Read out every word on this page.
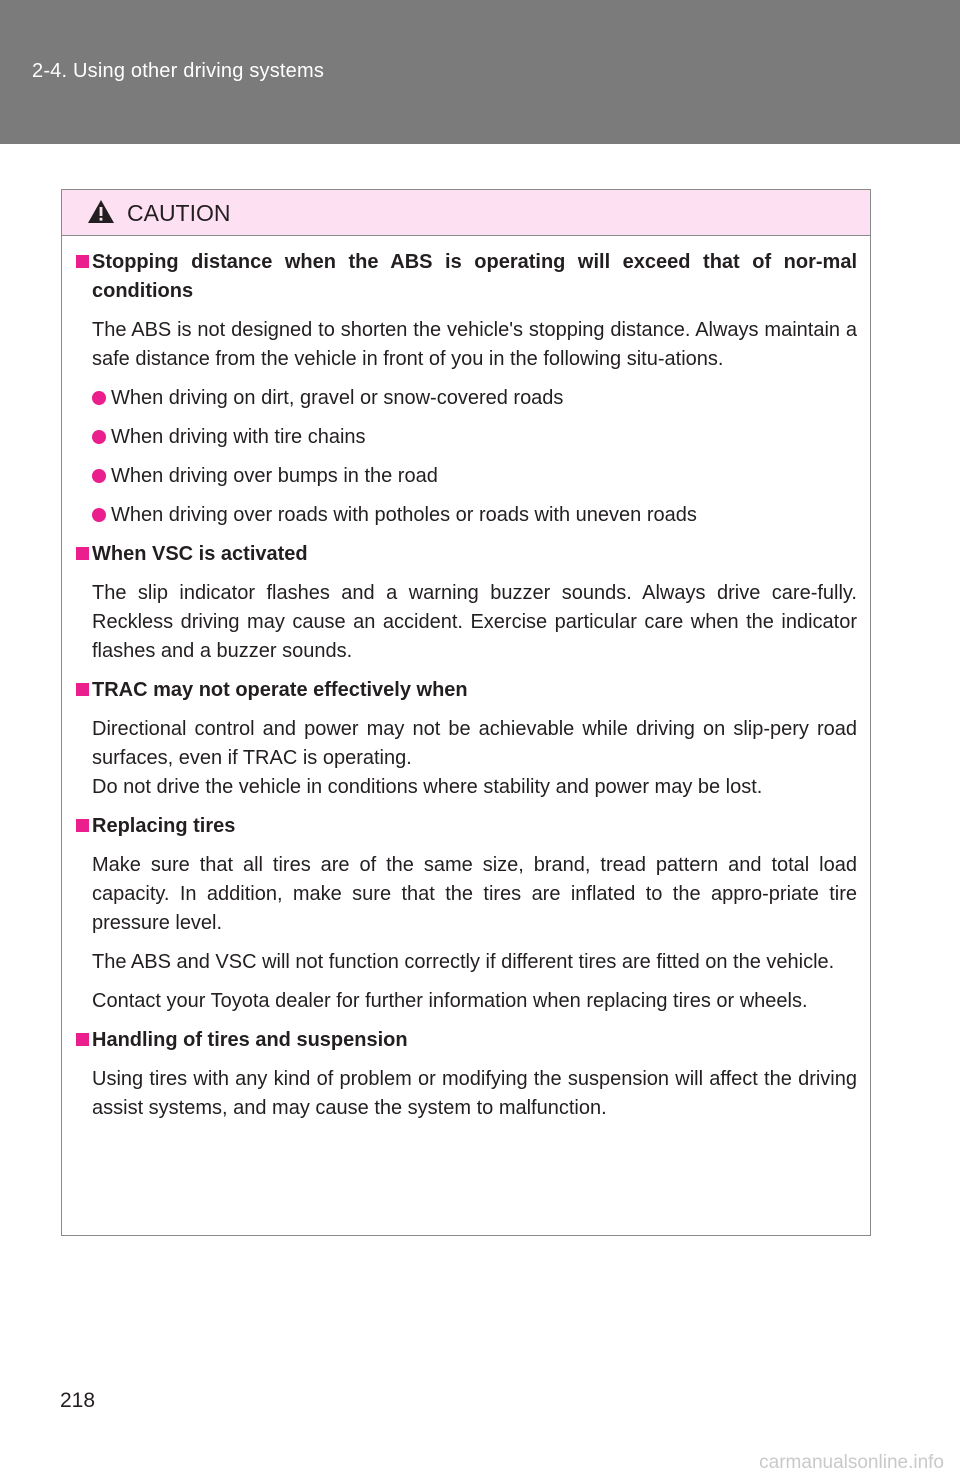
2-4. Using other driving systems
CAUTION
Stopping distance when the ABS is operating will exceed that of nor-mal conditions
The ABS is not designed to shorten the vehicle's stopping distance. Always maintain a safe distance from the vehicle in front of you in the following situ-ations.
When driving on dirt, gravel or snow-covered roads
When driving with tire chains
When driving over bumps in the road
When driving over roads with potholes or roads with uneven roads
When VSC is activated
The slip indicator flashes and a warning buzzer sounds. Always drive care-fully. Reckless driving may cause an accident. Exercise particular care when the indicator flashes and a buzzer sounds.
TRAC may not operate effectively when
Directional control and power may not be achievable while driving on slip-pery road surfaces, even if TRAC is operating.
Do not drive the vehicle in conditions where stability and power may be lost.
Replacing tires
Make sure that all tires are of the same size, brand, tread pattern and total load capacity. In addition, make sure that the tires are inflated to the appro-priate tire pressure level.
The ABS and VSC will not function correctly if different tires are fitted on the vehicle.
Contact your Toyota dealer for further information when replacing tires or wheels.
Handling of tires and suspension
Using tires with any kind of problem or modifying the suspension will affect the driving assist systems, and may cause the system to malfunction.
218
carmanualsonline.info
